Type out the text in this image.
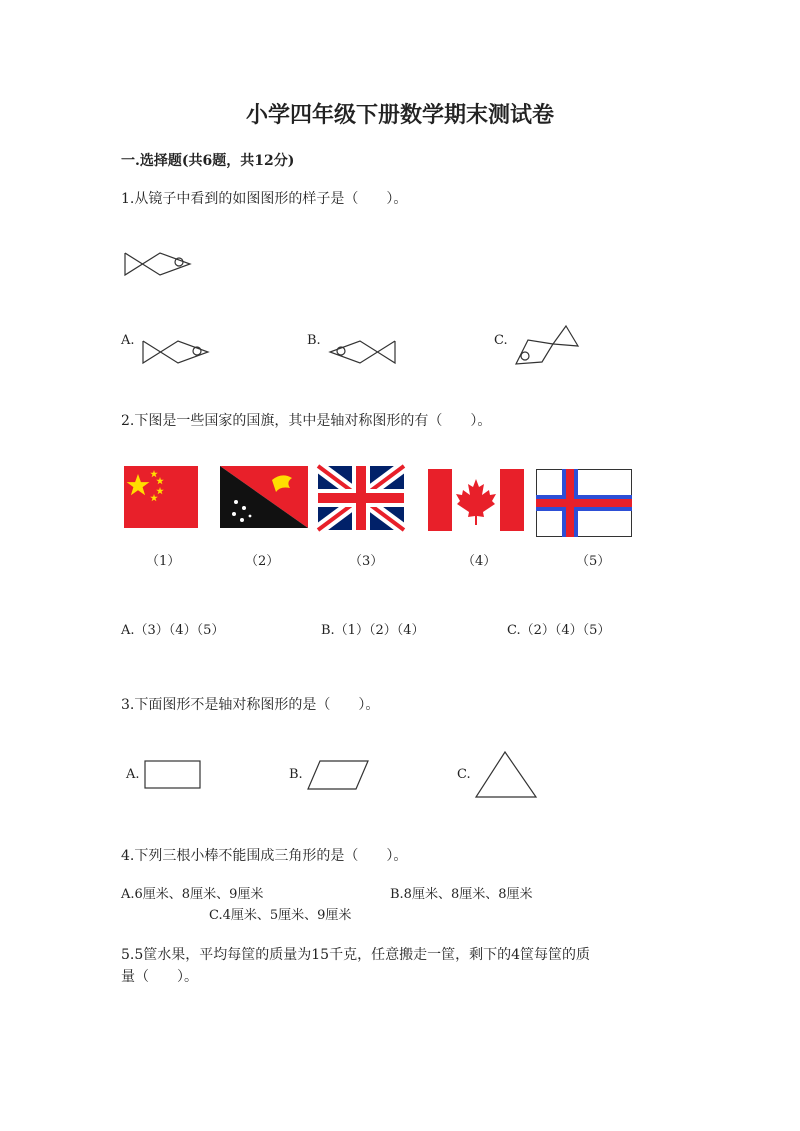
小学四年级下册数学期末测试卷
一.选择题(共6题，共12分)
1.从镜子中看到的如图图形的样子是（　　）。
A.	B.	C.
2.下图是一些国家的国旗，其中是轴对称图形的有（　　）。
（1）	（2）	（3）	（4）	（5）
A.（3）（4）（5）	B.（1）（2）（4）	C.（2）（4）（5）
3.下面图形不是轴对称图形的是（　　）。
A.	B.	C.
4.下列三根小棒不能围成三角形的是（　　）。
A.6厘米、8厘米、9厘米	B.8厘米、8厘米、8厘米
C.4厘米、5厘米、9厘米
5.5筐水果，平均每筐的质量为15千克，任意搬走一筐，剩下的4筐每筐的质
量（　　）。
